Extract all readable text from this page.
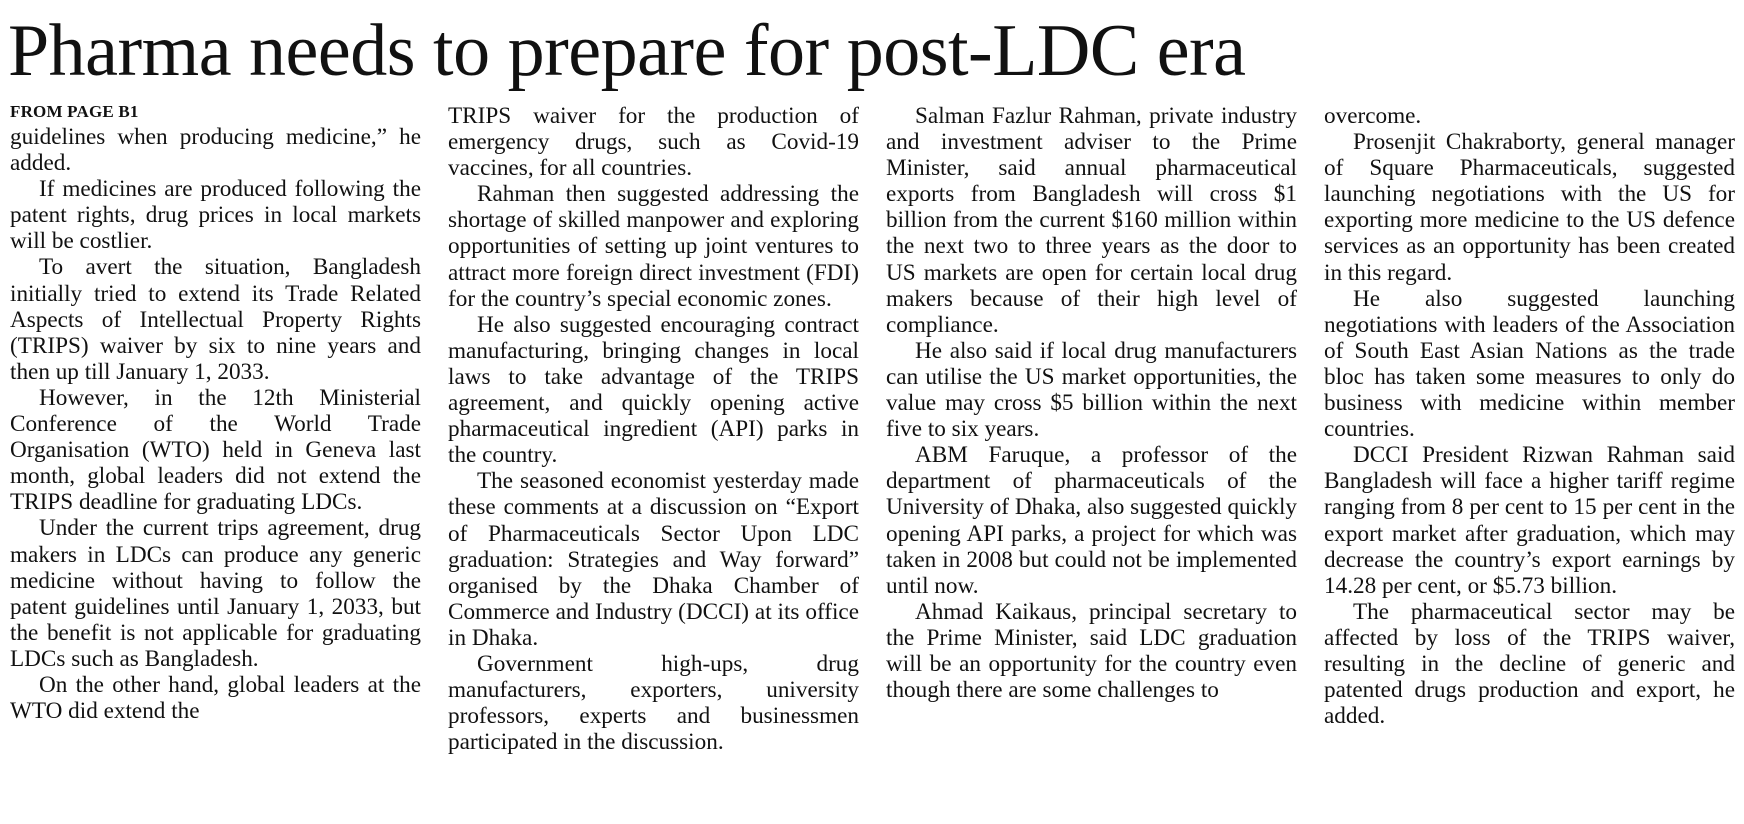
Pharma needs to prepare for post-LDC era
FROM PAGE B1

guidelines when producing medicine,” he added.

If medicines are produced following the patent rights, drug prices in local markets will be costlier.

To avert the situation, Bangladesh initially tried to extend its Trade Related Aspects of Intellectual Property Rights (TRIPS) waiver by six to nine years and then up till January 1, 2033.

However, in the 12th Ministerial Conference of the World Trade Organisation (WTO) held in Geneva last month, global leaders did not extend the TRIPS deadline for graduating LDCs.

Under the current trips agreement, drug makers in LDCs can produce any generic medicine without having to follow the patent guidelines until January 1, 2033, but the benefit is not applicable for graduating LDCs such as Bangladesh.

On the other hand, global leaders at the WTO did extend the

TRIPS waiver for the production of emergency drugs, such as Covid-19 vaccines, for all countries.

Rahman then suggested addressing the shortage of skilled manpower and exploring opportunities of setting up joint ventures to attract more foreign direct investment (FDI) for the country’s special economic zones.

He also suggested encouraging contract manufacturing, bringing changes in local laws to take advantage of the TRIPS agreement, and quickly opening active pharmaceutical ingredient (API) parks in the country.

The seasoned economist yesterday made these comments at a discussion on “Export of Pharmaceuticals Sector Upon LDC graduation: Strategies and Way forward” organised by the Dhaka Chamber of Commerce and Industry (DCCI) at its office in Dhaka.

Government high-ups, drug manufacturers, exporters, university professors, experts and businessmen participated in the discussion.

Salman Fazlur Rahman, private industry and investment adviser to the Prime Minister, said annual pharmaceutical exports from Bangladesh will cross $1 billion from the current $160 million within the next two to three years as the door to US markets are open for certain local drug makers because of their high level of compliance.

He also said if local drug manufacturers can utilise the US market opportunities, the value may cross $5 billion within the next five to six years.

ABM Faruque, a professor of the department of pharmaceuticals of the University of Dhaka, also suggested quickly opening API parks, a project for which was taken in 2008 but could not be implemented until now.

Ahmad Kaikaus, principal secretary to the Prime Minister, said LDC graduation will be an opportunity for the country even though there are some challenges to

overcome.

Prosenjit Chakraborty, general manager of Square Pharmaceuticals, suggested launching negotiations with the US for exporting more medicine to the US defence services as an opportunity has been created in this regard.

He also suggested launching negotiations with leaders of the Association of South East Asian Nations as the trade bloc has taken some measures to only do business with medicine within member countries.

DCCI President Rizwan Rahman said Bangladesh will face a higher tariff regime ranging from 8 per cent to 15 per cent in the export market after graduation, which may decrease the country’s export earnings by 14.28 per cent, or $5.73 billion.

The pharmaceutical sector may be affected by loss of the TRIPS waiver, resulting in the decline of generic and patented drugs production and export, he added.
